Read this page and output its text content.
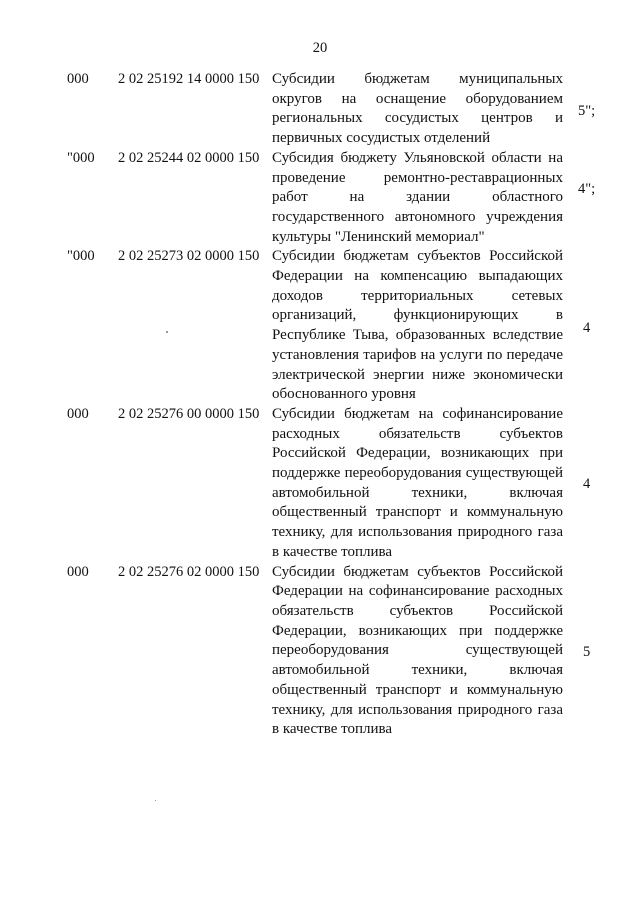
20
000 2 02 25192 14 0000 150 Субсидии бюджетам муниципальных округов на оснащение оборудованием региональных сосудистых центров и первичных сосудистых отделений
5";
"000 2 02 25244 02 0000 150 Субсидия бюджету Ульяновской области на проведение ремонтно-реставрационных работ на здании областного государственного автономного учреждения культуры "Ленинский мемориал"
4";
"000 2 02 25273 02 0000 150 Субсидии бюджетам субъектов Российской Федерации на компенсацию выпадающих доходов территориальных сетевых организаций, функционирующих в Республике Тыва, образованных вследствие установления тарифов на услуги по передаче электрической энергии ниже экономически обоснованного уровня
4
000 2 02 25276 00 0000 150 Субсидии бюджетам на софинансирование расходных обязательств субъектов Российской Федерации, возникающих при поддержке переоборудования существующей автомобильной техники, включая общественный транспорт и коммунальную технику, для использования природного газа в качестве топлива
4
000 2 02 25276 02 0000 150 Субсидии бюджетам субъектов Российской Федерации на софинансирование расходных обязательств субъектов Российской Федерации, возникающих при поддержке переоборудования существующей автомобильной техники, включая общественный транспорт и коммунальную технику, для использования природного газа в качестве топлива
5
